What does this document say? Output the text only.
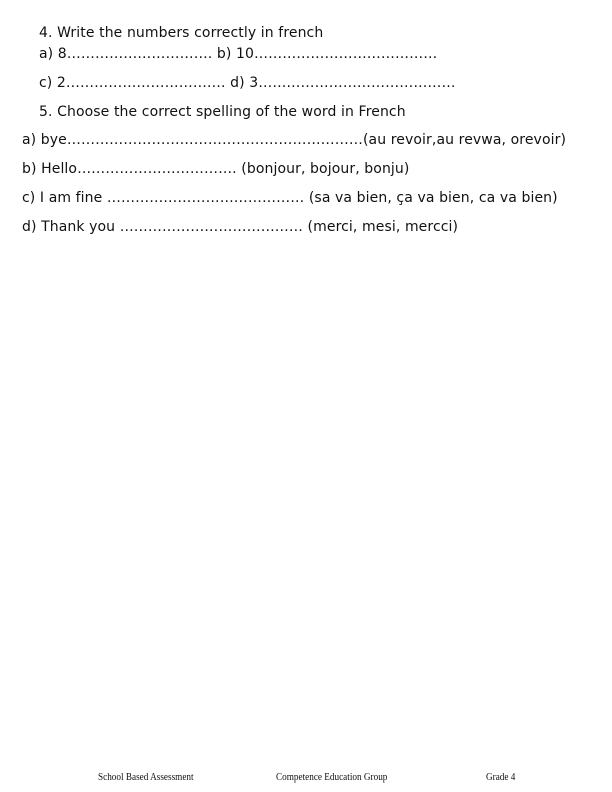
4. Write the numbers correctly in french
a) 8…………………………. b) 10…………………………………
c) 2……………………………. d) 3……………………………………
5. Choose the correct spelling of the word in French
a) bye………………………………………………………(au revoir,au revwa, orevoir)
b) Hello……………………………. (bonjour, bojour, bonju)
c) I am fine …………………………………… (sa va bien, ça va bien, ca va bien)
d) Thank you ………………………………… (merci, mesi, mercci)
School Based Assessment	Competence Education Group	Grade 4
